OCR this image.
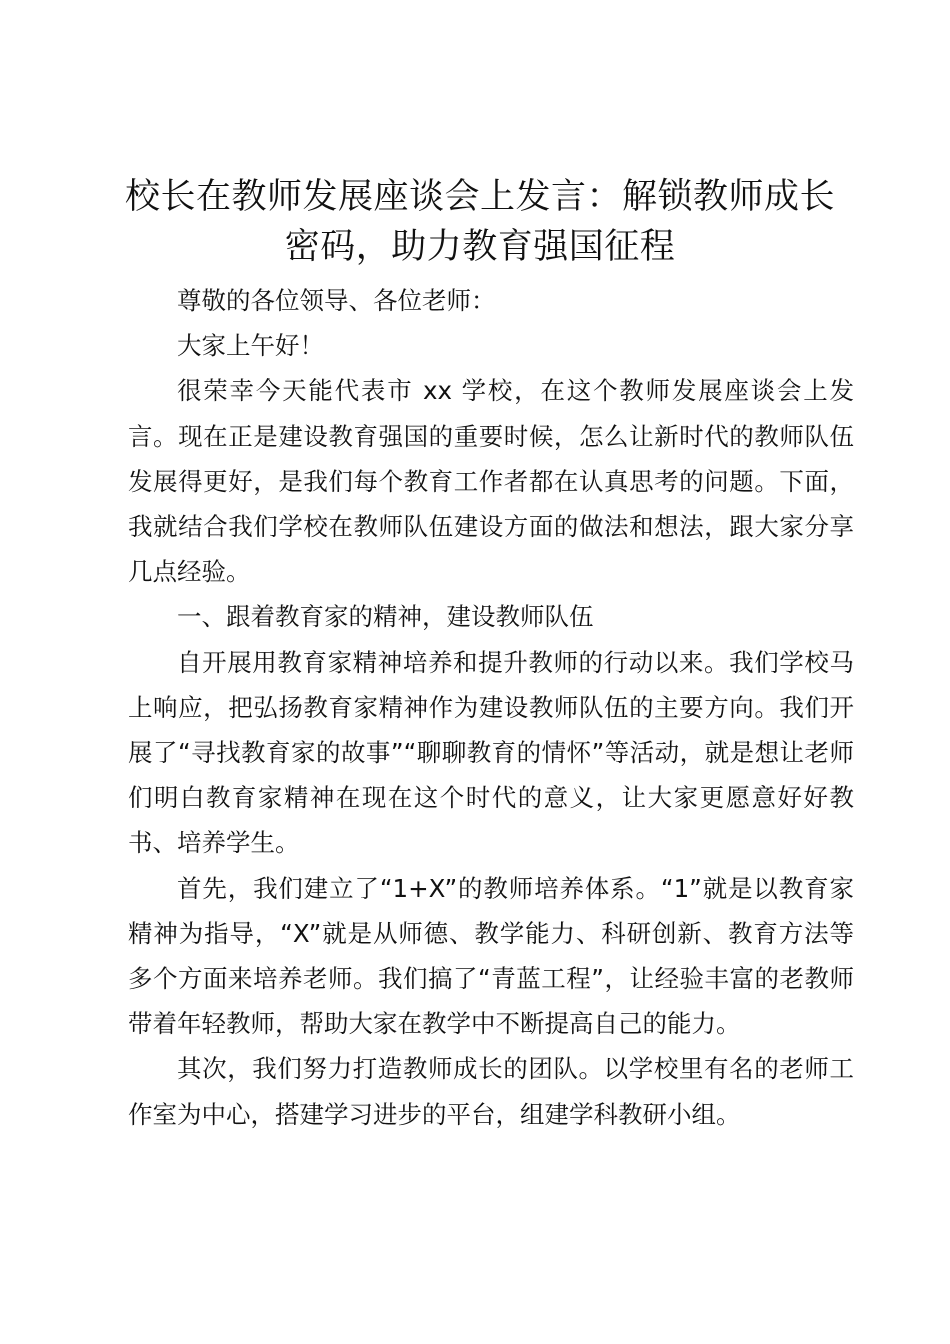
校长在教师发展座谈会上发言：解锁教师成长密码，助力教育强国征程

尊敬的各位领导、各位老师：

大家上午好！

很荣幸今天能代表市 xx 学校，在这个教师发展座谈会上发言。现在正是建设教育强国的重要时候，怎么让新时代的教师队伍发展得更好，是我们每个教育工作者都在认真思考的问题。下面，我就结合我们学校在教师队伍建设方面的做法和想法，跟大家分享几点经验。

一、跟着教育家的精神，建设教师队伍

自开展用教育家精神培养和提升教师的行动以来。我们学校马上响应，把弘扬教育家精神作为建设教师队伍的主要方向。我们开展了“寻找教育家的故事”“聊聊教育的情怀”等活动，就是想让老师们明白教育家精神在现在这个时代的意义，让大家更愿意好好教书、培养学生。

首先，我们建立了“1+X”的教师培养体系。“1”就是以教育家精神为指导，“X”就是从师德、教学能力、科研创新、教育方法等多个方面来培养老师。我们搞了“青蓝工程”，让经验丰富的老教师带着年轻教师，帮助大家在教学中不断提高自己的能力。

其次，我们努力打造教师成长的团队。以学校里有名的老师工作室为中心，搭建学习进步的平台，组建学科教研小组。
